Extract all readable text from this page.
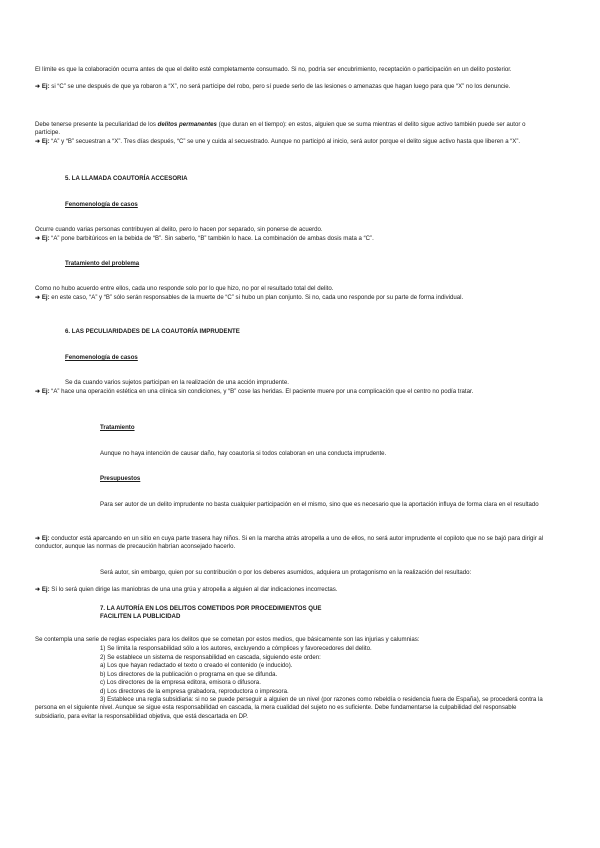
El límite es que la colaboración ocurra antes de que el delito esté completamente consumado. Si no, podría ser encubrimiento, receptación o participación en un delito posterior.

➜ Ej: si “C” se une después de que ya robaron a “X”, no será partícipe del robo, pero sí puede serlo de las lesiones o amenazas que hagan luego para que “X” no los denuncie.

Debe tenerse presente la peculiaridad de los delitos permanentes (que duran en el tiempo): en estos, alguien que se suma mientras el delito sigue activo también puede ser autor o partícipe.

➜ Ej: “A” y “B” secuestran a “X”. Tres días después, “C” se une y cuida al secuestrado. Aunque no participó al inicio, será autor porque el delito sigue activo hasta que liberen a “X”.

5. LA LLAMADA COAUTORÍA ACCESORIA

Fenomenología de casos

Ocurre cuando varias personas contribuyen al delito, pero lo hacen por separado, sin ponerse de acuerdo.

➜ Ej: “A” pone barbitúricos en la bebida de “B”. Sin saberlo, “B” también lo hace. La combinación de ambas dosis mata a “C”.

Tratamiento del problema

Como no hubo acuerdo entre ellos, cada uno responde solo por lo que hizo, no por el resultado total del delito.

➜ Ej: en este caso, “A” y “B” sólo serán responsables de la muerte de “C” si hubo un plan conjunto. Si no, cada uno responde por su parte de forma individual.

6. LAS PECULIARIDADES DE LA COAUTORÍA IMPRUDENTE

Fenomenología de casos

Se da cuando varios sujetos participan en la realización de una acción imprudente.

➜ Ej: “A” hace una operación estética en una clínica sin condiciones, y “B” cose las heridas. El paciente muere por una complicación que el centro no podía tratar.

Tratamiento

Aunque no haya intención de causar daño, hay coautoría si todos colaboran en una conducta imprudente.

Presupuestos

Para ser autor de un delito imprudente no basta cualquier participación en el mismo, sino que es necesario que la aportación influya de forma clara en el resultado

➜ Ej: conductor está aparcando en un sitio en cuya parte trasera hay niños. Si en la marcha atrás atropella a uno de ellos, no será autor imprudente el copiloto que no se bajó para dirigir al conductor, aunque las normas de precaución habrían aconsejado hacerlo.

Será autor, sin embargo, quien por su contribución o por los deberes asumidos, adquiera un protagonismo en la realización del resultado:

➜ Ej: Sí lo será quien dirige las maniobras de una una grúa y atropella a alguien al dar indicaciones incorrectas.

7. LA AUTORÍA EN LOS DELITOS COMETIDOS POR PROCEDIMIENTOS QUE
FACILITEN LA PUBLICIDAD

Se contempla una serie de reglas especiales para los delitos que se cometan por estos medios, que básicamente son las injurias y calumnias:

1) Se limita la responsabilidad sólo a los autores, excluyendo a cómplices y favorecedores del delito.

2) Se establece un sistema de responsabilidad en cascada, siguiendo este orden:

a) Los que hayan redactado el texto o creado el contenido (e inducido).

b) Los directores de la publicación o programa en que se difunda.

c) Los directores de la empresa editora, emisora o difusora.

d) Los directores de la empresa grabadora, reproductora o impresora.

3) Establece una regla subsidiaria: si no se puede perseguir a alguien de un nivel (por razones como rebeldía o residencia fuera de España), se procederá contra la persona en el siguiente nivel. Aunque se sigue esta responsabilidad en cascada, la mera cualidad del sujeto no es suficiente. Debe fundamentarse la culpabilidad del responsable subsidiario, para evitar la responsabilidad objetiva, que está descartada en DP.
